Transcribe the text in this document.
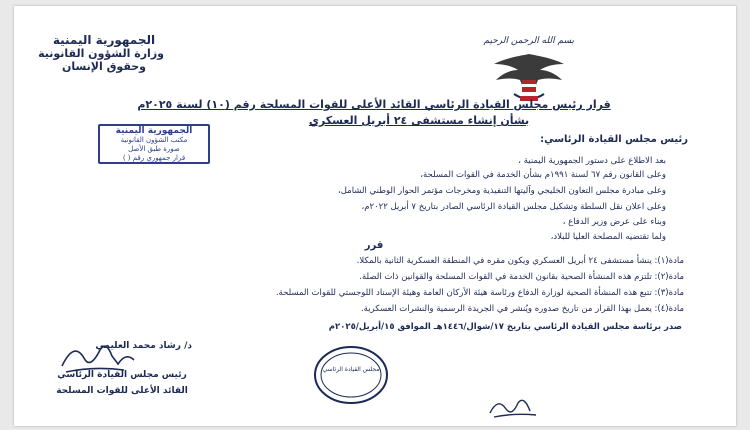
الجمهورية اليمنية
وزارة الشؤون القانونية
وحقوق الإنسان
بسم الله الرحمن الرحيم
قرار رئيس مجلس القيادة الرئاسي القائد الأعلى للقوات المسلحة رقم (١٠) لسنة ٢٠٢٥م
بشأن إنشاء مستشفى ٢٤ أبريل العسكري
الجمهورية اليمنية
مكتب الشؤون القانونية
صورة طبق الأصل
قرار جمهوري رقم ( )
رئيس مجلس القيادة الرئاسي:
بعد الاطلاع على دستور الجمهورية اليمنية ،
وعلى القانون رقم ٦٧ لسنة ١٩٩١م بشأن الخدمة في القوات المسلحة،
وعلى مبادرة مجلس التعاون الخليجي وآليتها التنفيذية ومخرجات مؤتمر الحوار الوطني الشامل،
وعلى اعلان نقل السلطة وتشكيل مجلس القيادة الرئاسي الصادر بتاريخ ٧ أبريل ٢٠٢٢م،
وبناء على عرض وزير الدفاع ،
ولما تقتضيه المصلحة العليا للبلاد،
قرر
مادة(١): ينشأ مستشفى ٢٤ أبريل العسكري ويكون مقره في المنطقة العسكرية الثانية بالمكلا.
مادة(٢): تلتزم هذه المنشأة الصحية بقانون الخدمة في القوات المسلحة والقوانين ذات الصلة.
مادة(٣): تتبع هذه المنشأة الصحية لوزارة الدفاع ورئاسة هيئة الأركان العامة وهيئة الإسناد اللوجستي للقوات المسلحة.
مادة(٤): يعمل بهذا القرار من تاريخ صدوره ويُنشر في الجريدة الرسمية والنشرات العسكرية.
صدر برئاسة مجلس القيادة الرئاسي بتاريخ ١٧/شوال/١٤٤٦هـ الموافق ١٥/أبريل/٢٠٢٥م
د/ رشاد محمد العليمي
رئيس مجلس القيادة الرئاسي
القائد الأعلى للقوات المسلحة
مجلس القيادة الرئاسي
